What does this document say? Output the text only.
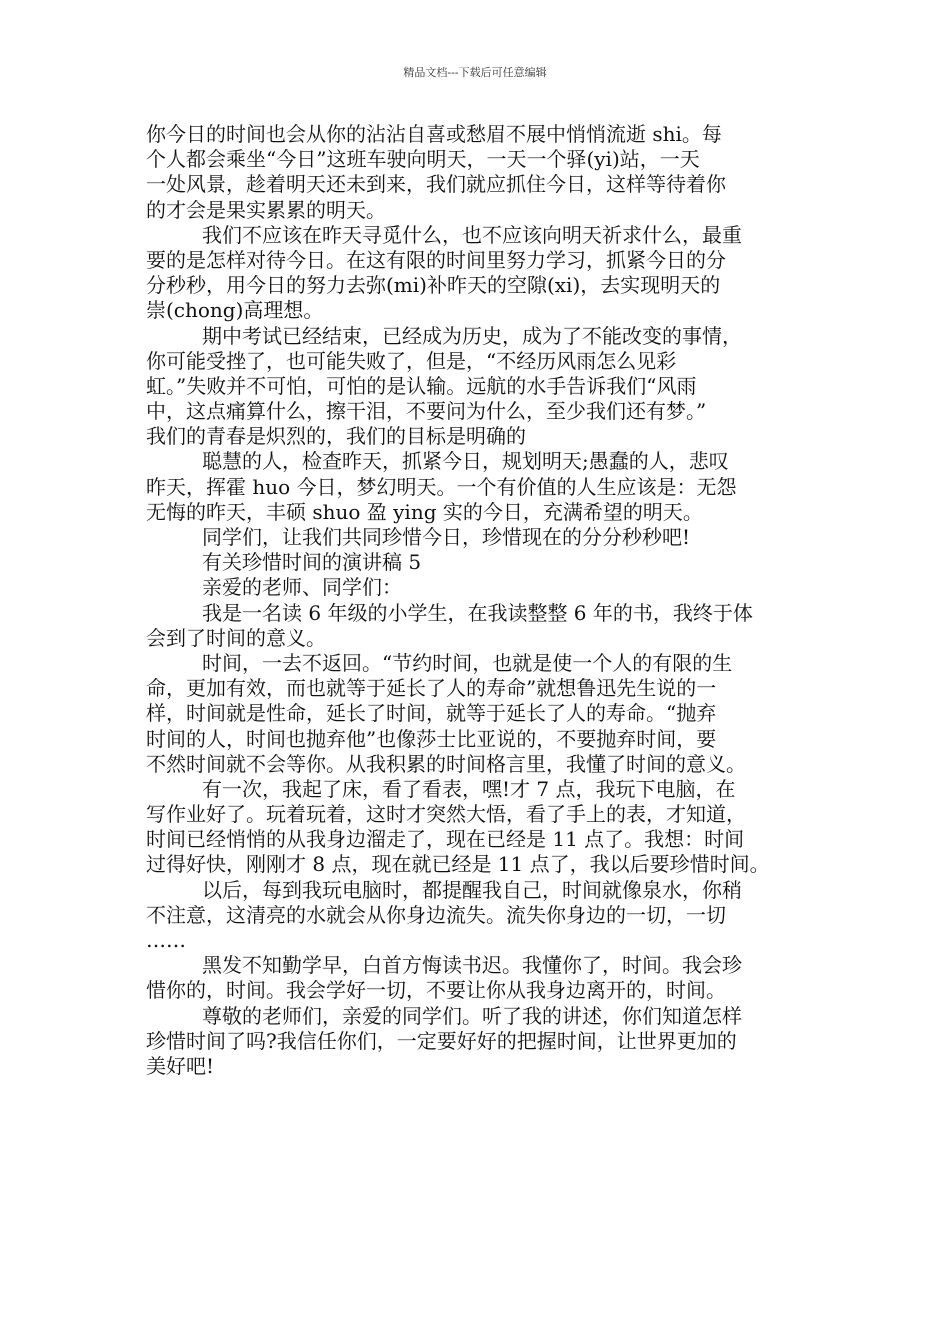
精品文档---下载后可任意编辑
你今日的时间也会从你的沾沾自喜或愁眉不展中悄悄流逝 shi。每
个人都会乘坐“今日”这班车驶向明天，一天一个驿(yi)站，一天
一处风景，趁着明天还未到来，我们就应抓住今日，这样等待着你
的才会是果实累累的明天。
我们不应该在昨天寻觅什么，也不应该向明天祈求什么，最重
要的是怎样对待今日。在这有限的时间里努力学习，抓紧今日的分
分秒秒，用今日的努力去弥(mi)补昨天的空隙(xi)，去实现明天的
崇(chong)高理想。
期中考试已经结束，已经成为历史，成为了不能改变的事情，
你可能受挫了，也可能失败了，但是，“不经历风雨怎么见彩
虹。”失败并不可怕，可怕的是认输。远航的水手告诉我们“风雨
中，这点痛算什么，擦干泪，不要问为什么，至少我们还有梦。”
我们的青春是炽烈的，我们的目标是明确的
聪慧的人，检查昨天，抓紧今日，规划明天;愚蠢的人，悲叹
昨天，挥霍 huo 今日，梦幻明天。一个有价值的人生应该是：无怨
无悔的昨天，丰硕 shuo 盈 ying 实的今日，充满希望的明天。
同学们，让我们共同珍惜今日，珍惜现在的分分秒秒吧!
有关珍惜时间的演讲稿 5
亲爱的老师、同学们：
我是一名读 6 年级的小学生，在我读整整 6 年的书，我终于体
会到了时间的意义。
时间，一去不返回。“节约时间，也就是使一个人的有限的生
命，更加有效，而也就等于延长了人的寿命”就想鲁迅先生说的一
样，时间就是性命，延长了时间，就等于延长了人的寿命。“抛弃
时间的人，时间也抛弃他”也像莎士比亚说的，不要抛弃时间，要
不然时间就不会等你。从我积累的时间格言里，我懂了时间的意义。
有一次，我起了床，看了看表，嘿!才 7 点，我玩下电脑，在
写作业好了。玩着玩着，这时才突然大悟，看了手上的表，才知道，
时间已经悄悄的从我身边溜走了，现在已经是 11 点了。我想：时间
过得好快，刚刚才 8 点，现在就已经是 11 点了，我以后要珍惜时间。
以后，每到我玩电脑时，都提醒我自己，时间就像泉水，你稍
不注意，这清亮的水就会从你身边流失。流失你身边的一切，一切
……
黑发不知勤学早，白首方悔读书迟。我懂你了，时间。我会珍
惜你的，时间。我会学好一切，不要让你从我身边离开的，时间。
尊敬的老师们，亲爱的同学们。听了我的讲述，你们知道怎样
珍惜时间了吗?我信任你们，一定要好好的把握时间，让世界更加的
美好吧!
